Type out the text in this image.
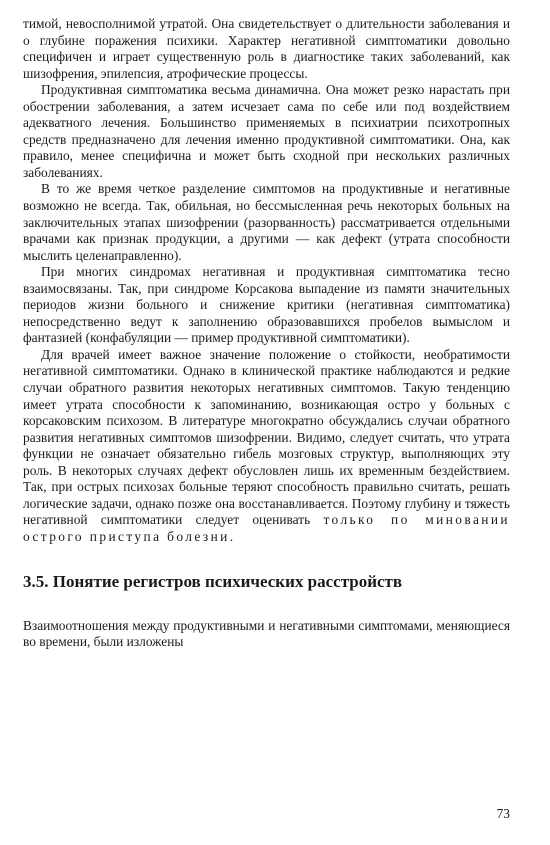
тимой, невосполнимой утратой. Она свидетельствует о длительности заболевания и о глубине поражения психики. Характер негативной симптоматики довольно специфичен и играет существенную роль в диагностике таких заболеваний, как шизофрения, эпилепсия, атрофические процессы.

Продуктивная симптоматика весьма динамична. Она может резко нарастать при обострении заболевания, а затем исчезает сама по себе или под воздействием адекватного лечения. Большинство применяемых в психиатрии психотропных средств предназначено для лечения именно продуктивной симптоматики. Она, как правило, менее специфична и может быть сходной при нескольких различных заболеваниях.

В то же время четкое разделение симптомов на продуктивные и негативные возможно не всегда. Так, обильная, но бессмысленная речь некоторых больных на заключительных этапах шизофрении (разорванность) рассматривается отдельными врачами как признак продукции, а другими — как дефект (утрата способности мыслить целенаправленно).

При многих синдромах негативная и продуктивная симптоматика тесно взаимосвязаны. Так, при синдроме Корсакова выпадение из памяти значительных периодов жизни больного и снижение критики (негативная симптоматика) непосредственно ведут к заполнению образовавшихся пробелов вымыслом и фантазией (конфабуляции — пример продуктивной симптоматики).

Для врачей имеет важное значение положение о стойкости, необратимости негативной симптоматики. Однако в клинической практике наблюдаются и редкие случаи обратного развития некоторых негативных симптомов. Такую тенденцию имеет утрата способности к запоминанию, возникающая остро у больных с корсаковским психозом. В литературе многократно обсуждались случаи обратного развития негативных симптомов шизофрении. Видимо, следует считать, что утрата функции не означает обязательно гибель мозговых структур, выполняющих эту роль. В некоторых случаях дефект обусловлен лишь их временным бездействием. Так, при острых психозах больные теряют способность правильно считать, решать логические задачи, однако позже она восстанавливается. Поэтому глубину и тяжесть негативной симптоматики следует оценивать только по миновании острого приступа болезни.

3.5. Понятие регистров психических расстройств

Взаимоотношения между продуктивными и негативными симптомами, меняющиеся во времени, были изложены

73
